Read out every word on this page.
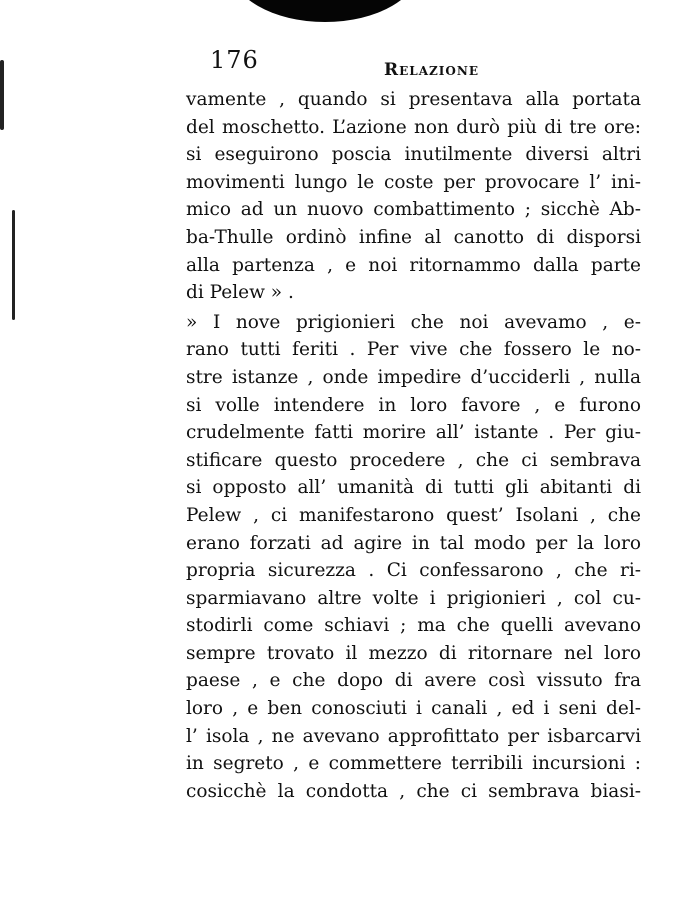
176	Relazione
vamente , quando si presentava alla portata
del moschetto. L’azione non durò più di tre ore:
si eseguirono poscia inutilmente diversi altri
movimenti lungo le coste per provocare l’ ini-
mico ad un nuovo combattimento ; sicchè Ab-
ba-Thulle ordinò infine al canotto di disporsi
alla partenza , e noi ritornammo dalla parte
di Pelew » .
» I nove prigionieri che noi avevamo , e-
rano tutti feriti . Per vive che fossero le no-
stre istanze , onde impedire d’ucciderli , nulla
si volle intendere in loro favore , e furono
crudelmente fatti morire all’ istante . Per giu-
stificare questo procedere , che ci sembrava
si opposto all’ umanità di tutti gli abitanti di
Pelew , ci manifestarono quest’ Isolani , che
erano forzati ad agire in tal modo per la loro
propria sicurezza . Ci confessarono , che ri-
sparmiavano altre volte i prigionieri , col cu-
stodirli come schiavi ; ma che quelli avevano
sempre trovato il mezzo di ritornare nel loro
paese , e che dopo di avere così vissuto fra
loro , e ben conosciuti i canali , ed i seni del-
l’ isola , ne avevano approfittato per isbarcarvi
in segreto , e commettere terribili incursioni :
cosicchè la condotta , che ci sembrava biasi-
